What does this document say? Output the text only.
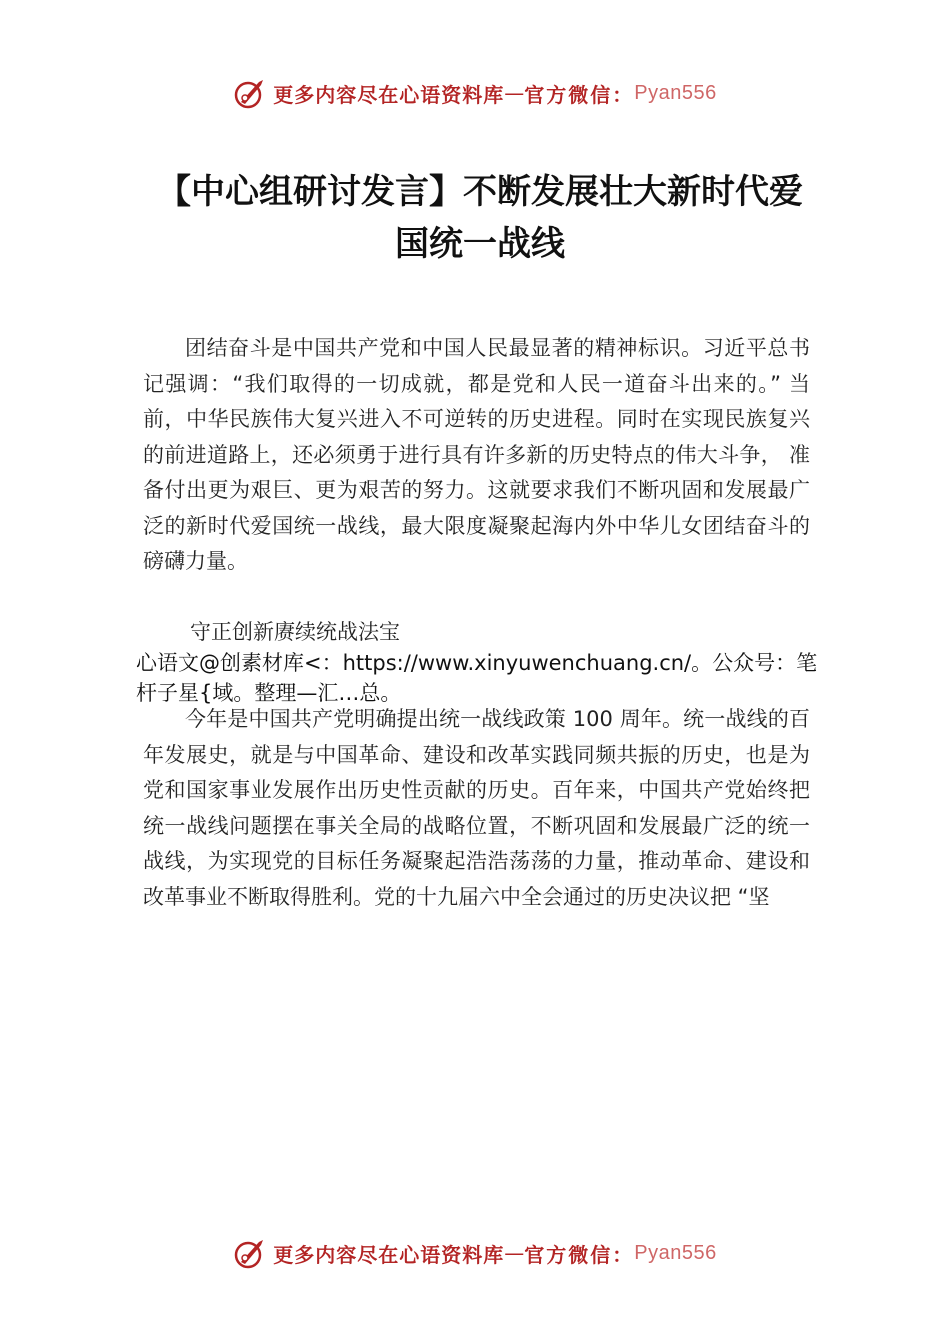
更多内容尽在心语资料库 — 官方微信： Pyan556
【中心组研讨发言】不断发展壮大新时代爱
国统一战线

团结奋斗是中国共产党和中国人民最显著的精神标识。习近平总书记强调：“我们取得的一切成就，都是党和人民一道奋斗出来的。” 当前，中华民族伟大复兴进入不可逆转的历史进程。同时在实现民族复兴的前进道路上，还必须勇于进行具有许多新的历史特点的伟大斗争， 准备付出更为艰巨、更为艰苦的努力。这就要求我们不断巩固和发展最广泛的新时代爱国统一战线，最大限度凝聚起海内外中华儿女团结奋斗的磅礴力量。

守正创新赓续统战法宝

心语文@创素材库<：https://www.xinyuwenchuang.cn/。公众号：笔杆子星{域。整理—汇…总。

今年是中国共产党明确提出统一战线政策 100 周年。统一战线的百年发展史，就是与中国革命、建设和改革实践同频共振的历史，也是为党和国家事业发展作出历史性贡献的历史。百年来，中国共产党始终把统一战线问题摆在事关全局的战略位置，不断巩固和发展最广泛的统一战线，为实现党的目标任务凝聚起浩浩荡荡的力量，推动革命、建设和改革事业不断取得胜利。党的十九届六中全会通过的历史决议把 “坚

更多内容尽在心语资料库 — 官方微信： Pyan556
